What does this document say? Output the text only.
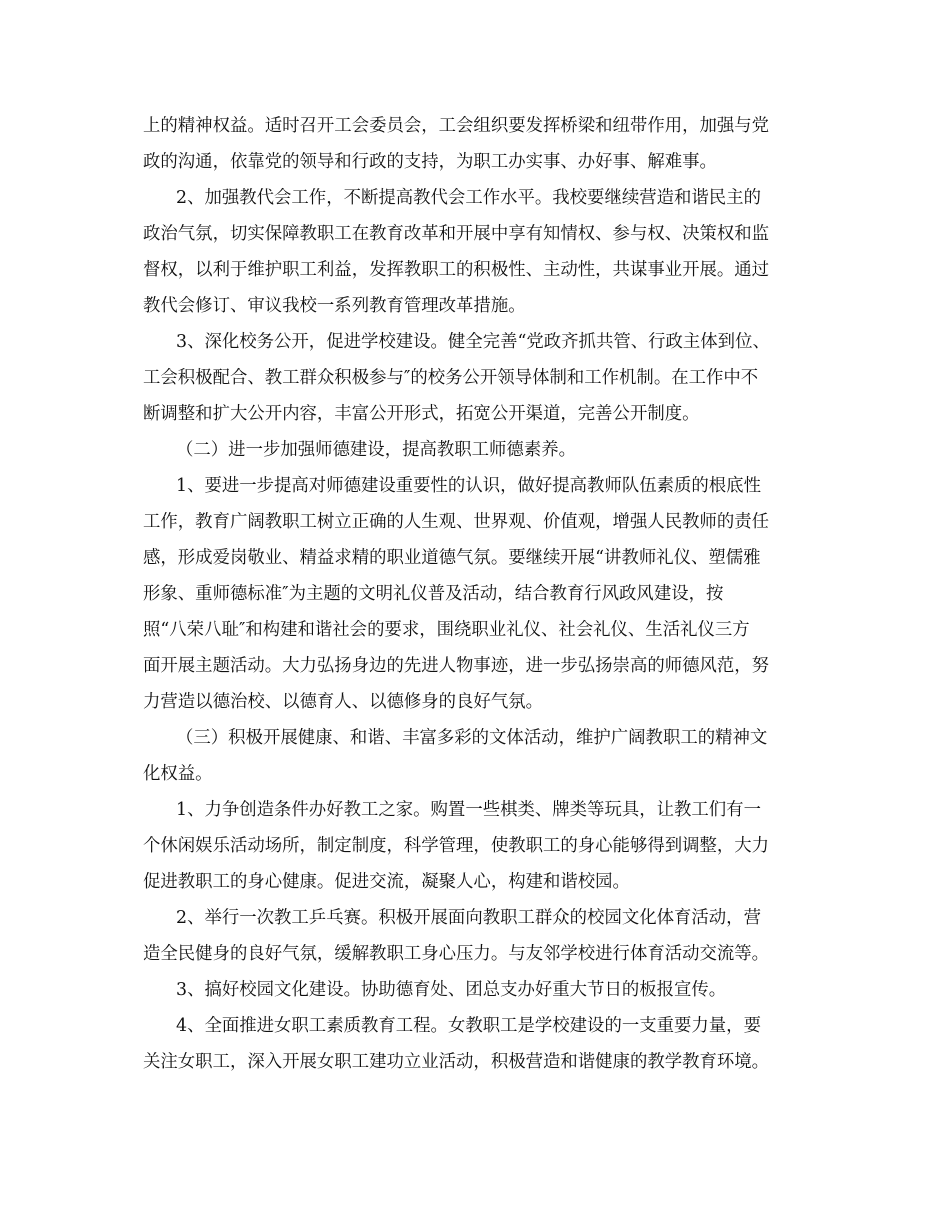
上的精神权益。适时召开工会委员会，工会组织要发挥桥梁和纽带作用，加强与党
政的沟通，依靠党的领导和行政的支持，为职工办实事、办好事、解难事。
2、加强教代会工作，不断提高教代会工作水平。我校要继续营造和谐民主的
政治气氛，切实保障教职工在教育改革和开展中享有知情权、参与权、决策权和监
督权，以利于维护职工利益，发挥教职工的积极性、主动性，共谋事业开展。通过
教代会修订、审议我校一系列教育管理改革措施。
3、深化校务公开，促进学校建设。健全完善“党政齐抓共管、行政主体到位、
工会积极配合、教工群众积极参与″的校务公开领导体制和工作机制。在工作中不
断调整和扩大公开内容，丰富公开形式，拓宽公开渠道，完善公开制度。
（二）进一步加强师德建设，提高教职工师德素养。
1、要进一步提高对师德建设重要性的认识，做好提高教师队伍素质的根底性
工作，教育广阔教职工树立正确的人生观、世界观、价值观，增强人民教师的责任
感，形成爱岗敬业、精益求精的职业道德气氛。要继续开展“讲教师礼仪、塑儒雅
形象、重师德标准″为主题的文明礼仪普及活动，结合教育行风政风建设，按
照“八荣八耻″和构建和谐社会的要求，围绕职业礼仪、社会礼仪、生活礼仪三方
面开展主题活动。大力弘扬身边的先进人物事迹，进一步弘扬崇高的师德风范，努
力营造以德治校、以德育人、以德修身的良好气氛。
（三）积极开展健康、和谐、丰富多彩的文体活动，维护广阔教职工的精神文
化权益。
1、力争创造条件办好教工之家。购置一些棋类、牌类等玩具，让教工们有一
个休闲娱乐活动场所，制定制度，科学管理，使教职工的身心能够得到调整，大力
促进教职工的身心健康。促进交流，凝聚人心，构建和谐校园。
2、举行一次教工乒乓赛。积极开展面向教职工群众的校园文化体育活动，营
造全民健身的良好气氛，缓解教职工身心压力。与友邻学校进行体育活动交流等。
3、搞好校园文化建设。协助德育处、团总支办好重大节日的板报宣传。
4、全面推进女职工素质教育工程。女教职工是学校建设的一支重要力量，要
关注女职工，深入开展女职工建功立业活动，积极营造和谐健康的教学教育环境。
